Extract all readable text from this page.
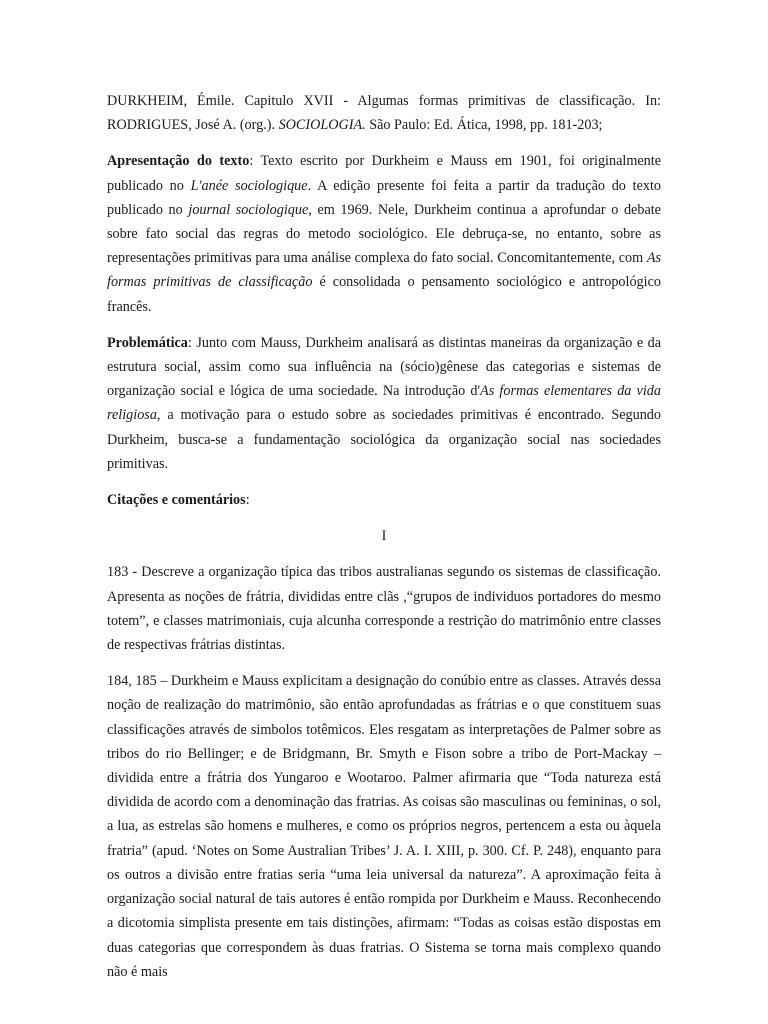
DURKHEIM, Émile. Capitulo XVII - Algumas formas primitivas de classificação. In: RODRIGUES, José A. (org.). SOCIOLOGIA. São Paulo: Ed. Ática, 1998, pp. 181-203;

Apresentação do texto: Texto escrito por Durkheim e Mauss em 1901, foi originalmente publicado no L'anée sociologique. A edição presente foi feita a partir da tradução do texto publicado no journal sociologique, em 1969. Nele, Durkheim continua a aprofundar o debate sobre fato social das regras do metodo sociológico. Ele debruça-se, no entanto, sobre as representações primitivas para uma análise complexa do fato social. Concomitantemente, com As formas primitivas de classificação é consolidada o pensamento sociológico e antropológico francês.

Problemática: Junto com Mauss, Durkheim analisará as distintas maneiras da organização e da estrutura social, assim como sua influência na (sócio)gênese das categorias e sistemas de organização social e lógica de uma sociedade. Na introdução d'As formas elementares da vida religiosa, a motivação para o estudo sobre as sociedades primitivas é encontrado. Segundo Durkheim, busca-se a fundamentação sociológica da organização social nas sociedades primitivas.

Citações e comentários:

I

183 - Descreve a organização típica das tribos australianas segundo os sistemas de classificação. Apresenta as noções de frátria, divididas entre clãs ,“grupos de individuos portadores do mesmo totem”, e classes matrimoniais, cuja alcunha corresponde a restrição do matrimônio entre classes de respectivas frátrias distintas.

184, 185 – Durkheim e Mauss explicitam a designação do conúbio entre as classes. Através dessa noção de realização do matrimônio, são então aprofundadas as frátrias e o que constituem suas classificações através de simbolos totêmicos. Eles resgatam as interpretações de Palmer sobre as tribos do rio Bellinger; e de Bridgmann, Br. Smyth e Fison sobre a tribo de Port-Mackay – dividida entre a frátria dos Yungaroo e Wootaroo. Palmer afirmaria que “Toda natureza está dividida de acordo com a denominação das fratrias. As coisas são masculinas ou femininas, o sol, a lua, as estrelas são homens e mulheres, e como os próprios negros, pertencem a esta ou àquela fratria” (apud. ‘Notes on Some Australian Tribes’ J. A. I. XIII, p. 300. Cf. P. 248), enquanto para os outros a divisão entre fratias seria “uma leia universal da natureza”. A aproximação feita à organização social natural de tais autores é então rompida por Durkheim e Mauss. Reconhecendo a dicotomia simplista presente em tais distinções, afirmam: “Todas as coisas estão dispostas em duas categorias que correspondem às duas fratrias. O Sistema se torna mais complexo quando não é mais
